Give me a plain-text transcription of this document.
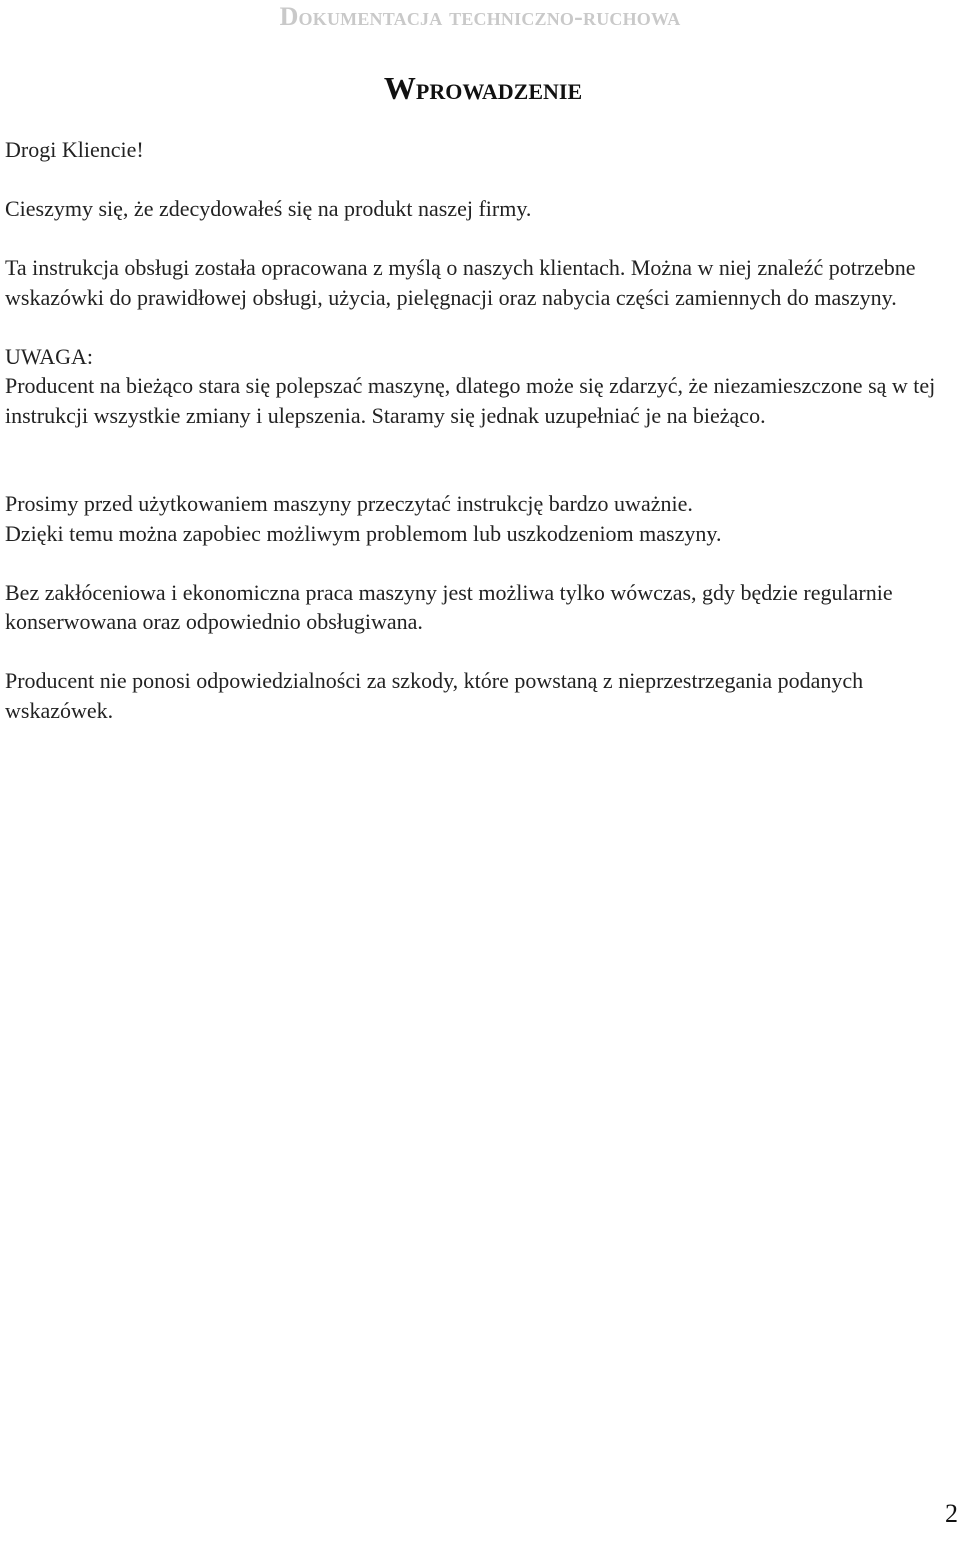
Dokumentacja techniczno-ruchowa
Wprowadzenie

Drogi Kliencie!

Cieszymy się, że zdecydowałeś się na produkt naszej firmy.

Ta instrukcja obsługi została opracowana z myślą o naszych klientach. Można w niej znaleźć potrzebne wskazówki do prawidłowej obsługi, użycia, pielęgnacji oraz nabycia części zamiennych do maszyny.

UWAGA:

Producent na bieżąco stara się polepszać maszynę, dlatego może się zdarzyć, że niezamieszczone są w tej instrukcji wszystkie zmiany i ulepszenia. Staramy się jednak uzupełniać je na bieżąco.

Prosimy przed użytkowaniem maszyny przeczytać instrukcję bardzo uważnie.

Dzięki temu można zapobiec możliwym problemom lub uszkodzeniom maszyny.

Bez zakłóceniowa i ekonomiczna praca maszyny jest możliwa tylko wówczas, gdy będzie regularnie konserwowana oraz odpowiednio obsługiwana.

Producent nie ponosi odpowiedzialności za szkody, które powstaną z nieprzestrzegania podanych wskazówek.

2
